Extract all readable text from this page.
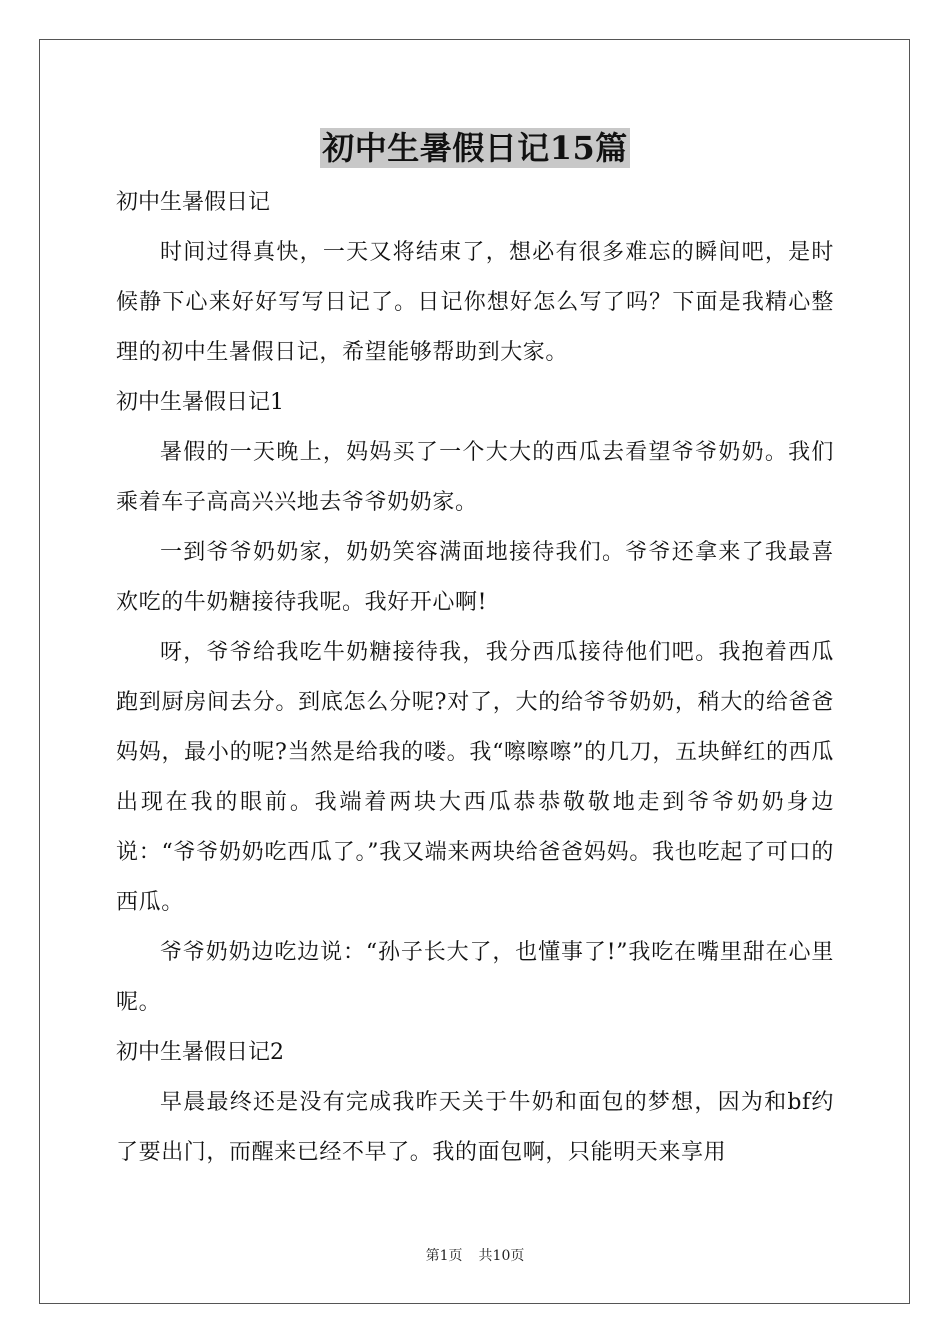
初中生暑假日记15篇

初中生暑假日记

时间过得真快，一天又将结束了，想必有很多难忘的瞬间吧，是时候静下心来好好写写日记了。日记你想好怎么写了吗？下面是我精心整理的初中生暑假日记，希望能够帮助到大家。

初中生暑假日记1

暑假的一天晚上，妈妈买了一个大大的西瓜去看望爷爷奶奶。我们乘着车子高高兴兴地去爷爷奶奶家。

一到爷爷奶奶家，奶奶笑容满面地接待我们。爷爷还拿来了我最喜欢吃的牛奶糖接待我呢。我好开心啊!

呀，爷爷给我吃牛奶糖接待我，我分西瓜接待他们吧。我抱着西瓜跑到厨房间去分。到底怎么分呢?对了，大的给爷爷奶奶，稍大的给爸爸妈妈，最小的呢?当然是给我的喽。我“嚓嚓嚓”的几刀，五块鲜红的西瓜出现在我的眼前。我端着两块大西瓜恭恭敬敬地走到爷爷奶奶身边说：“爷爷奶奶吃西瓜了。”我又端来两块给爸爸妈妈。我也吃起了可口的西瓜。

爷爷奶奶边吃边说：“孙子长大了，也懂事了!”我吃在嘴里甜在心里呢。

初中生暑假日记2

早晨最终还是没有完成我昨天关于牛奶和面包的梦想，因为和bf约了要出门，而醒来已经不早了。我的面包啊，只能明天来享用

第1页 共10页
